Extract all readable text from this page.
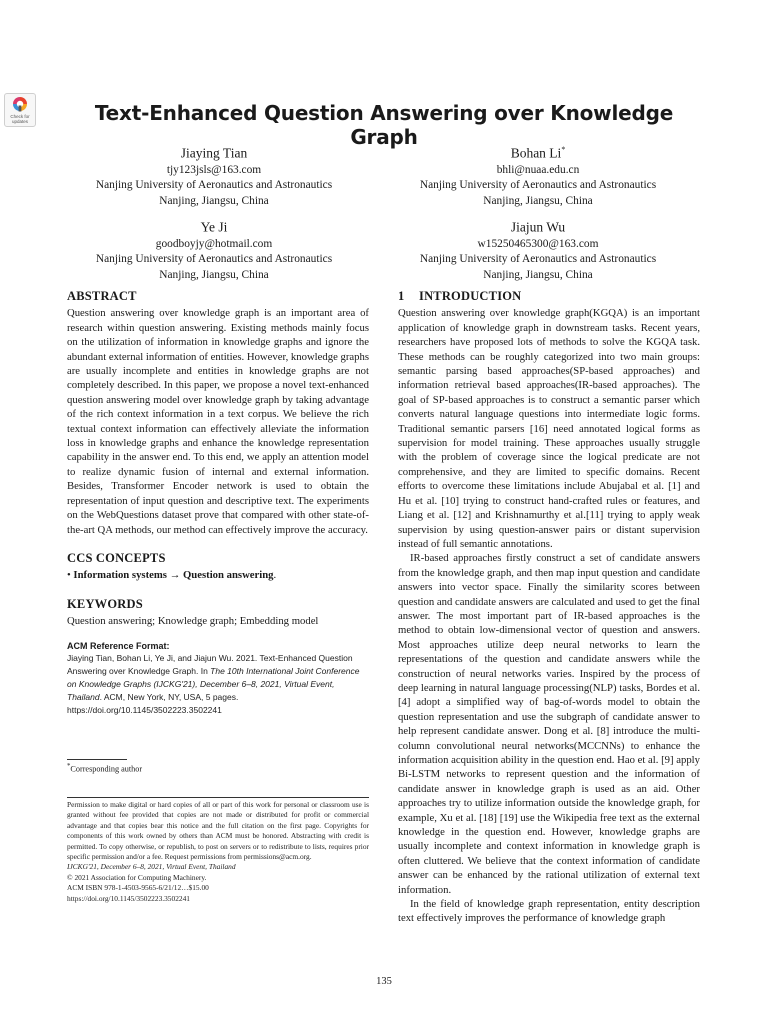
Check for
updates	Text-Enhanced Question Answering over Knowledge Graph
Jiaying Tian
tjy123jsls@163.com
Nanjing University of Aeronautics and Astronautics
Nanjing, Jiangsu, China
Bohan Li*
bhli@nuaa.edu.cn
Nanjing University of Aeronautics and Astronautics
Nanjing, Jiangsu, China
Ye Ji
goodboyjy@hotmail.com
Nanjing University of Aeronautics and Astronautics
Nanjing, Jiangsu, China
Jiajun Wu
w15250465300@163.com
Nanjing University of Aeronautics and Astronautics
Nanjing, Jiangsu, China
ABSTRACT

Question answering over knowledge graph is an important area of research within question answering. Existing methods mainly focus on the utilization of information in knowledge graphs and ignore the abundant external information of entities. However, knowledge graphs are usually incomplete and entities in knowledge graphs are not completely described. In this paper, we propose a novel text-enhanced question answering model over knowledge graph by taking advantage of the rich context information in a text corpus. We believe the rich textual context information can effectively alleviate the information loss in knowledge graphs and enhance the knowledge representation capability in the answer end. To this end, we apply an attention model to realize dynamic fusion of internal and external information. Besides, Transformer Encoder network is used to obtain the representation of input question and descriptive text. The experiments on the WebQuestions dataset prove that compared with other state-of-the-art QA methods, our method can effectively improve the accuracy.

CCS CONCEPTS

• Information systems → Question answering.

KEYWORDS

Question answering; Knowledge graph; Embedding model

ACM Reference Format:

Jiaying Tian, Bohan Li, Ye Ji, and Jiajun Wu. 2021. Text-Enhanced Question Answering over Knowledge Graph. In The 10th International Joint Conference on Knowledge Graphs (IJCKG'21), December 6–8, 2021, Virtual Event, Thailand. ACM, New York, NY, USA, 5 pages. https://doi.org/10.1145/3502223.3502241

*Corresponding author

Permission to make digital or hard copies of all or part of this work for personal or classroom use is granted without fee provided that copies are not made or distributed for profit or commercial advantage and that copies bear this notice and the full citation on the first page. Copyrights for components of this work owned by others than ACM must be honored. Abstracting with credit is permitted. To copy otherwise, or republish, to post on servers or to redistribute to lists, requires prior specific permission and/or a fee. Request permissions from permissions@acm.org.

IJCKG'21, December 6–8, 2021, Virtual Event, Thailand

© 2021 Association for Computing Machinery.

ACM ISBN 978-1-4503-9565-6/21/12…$15.00

https://doi.org/10.1145/3502223.3502241

1 INTRODUCTION

Question answering over knowledge graph(KGQA) is an important application of knowledge graph in downstream tasks. Recent years, researchers have proposed lots of methods to solve the KGQA task. These methods can be roughly categorized into two main groups: semantic parsing based approaches(SP-based approaches) and information retrieval based approaches(IR-based approaches). The goal of SP-based approaches is to construct a semantic parser which converts natural language questions into intermediate logic forms. Traditional semantic parsers [16] need annotated logical forms as supervision for model training. These approaches usually struggle with the problem of coverage since the logical predicate are not comprehensive, and they are limited to specific domains. Recent efforts to overcome these limitations include Abujabal et al. [1] and Hu et al. [10] trying to construct hand-crafted rules or features, and Liang et al. [12] and Krishnamurthy et al.[11] trying to apply weak supervision by using question-answer pairs or distant supervision instead of full semantic annotations.

IR-based approaches firstly construct a set of candidate answers from the knowledge graph, and then map input question and candidate answers into vector space. Finally the similarity scores between question and candidate answers are calculated and used to get the final answer. The most important part of IR-based approaches is the method to obtain low-dimensional vector of question and answers. Most approaches utilize deep neural networks to learn the representations of the question and candidate answers while the construction of neural networks varies. Inspired by the process of deep learning in natural language processing(NLP) tasks, Bordes et al. [4] adopt a simplified way of bag-of-words model to obtain the question representation and use the subgraph of candidate answer to help represent candidate answer. Dong et al. [8] introduce the multi-column convolutional neural networks(MCCNNs) to enhance the information acquisition ability in the question end. Hao et al. [9] apply Bi-LSTM networks to represent question and the information of candidate answer in knowledge graph is used as an aid. Other approaches try to utilize information outside the knowledge graph, for example, Xu et al. [18] [19] use the Wikipedia free text as the external knowledge in the question end. However, knowledge graphs are usually incomplete and context information in knowledge graph is often cluttered. We believe that the context information of candidate answer can be enhanced by the rational utilization of external text information.

In the field of knowledge graph representation, entity description text effectively improves the performance of knowledge graph

135
